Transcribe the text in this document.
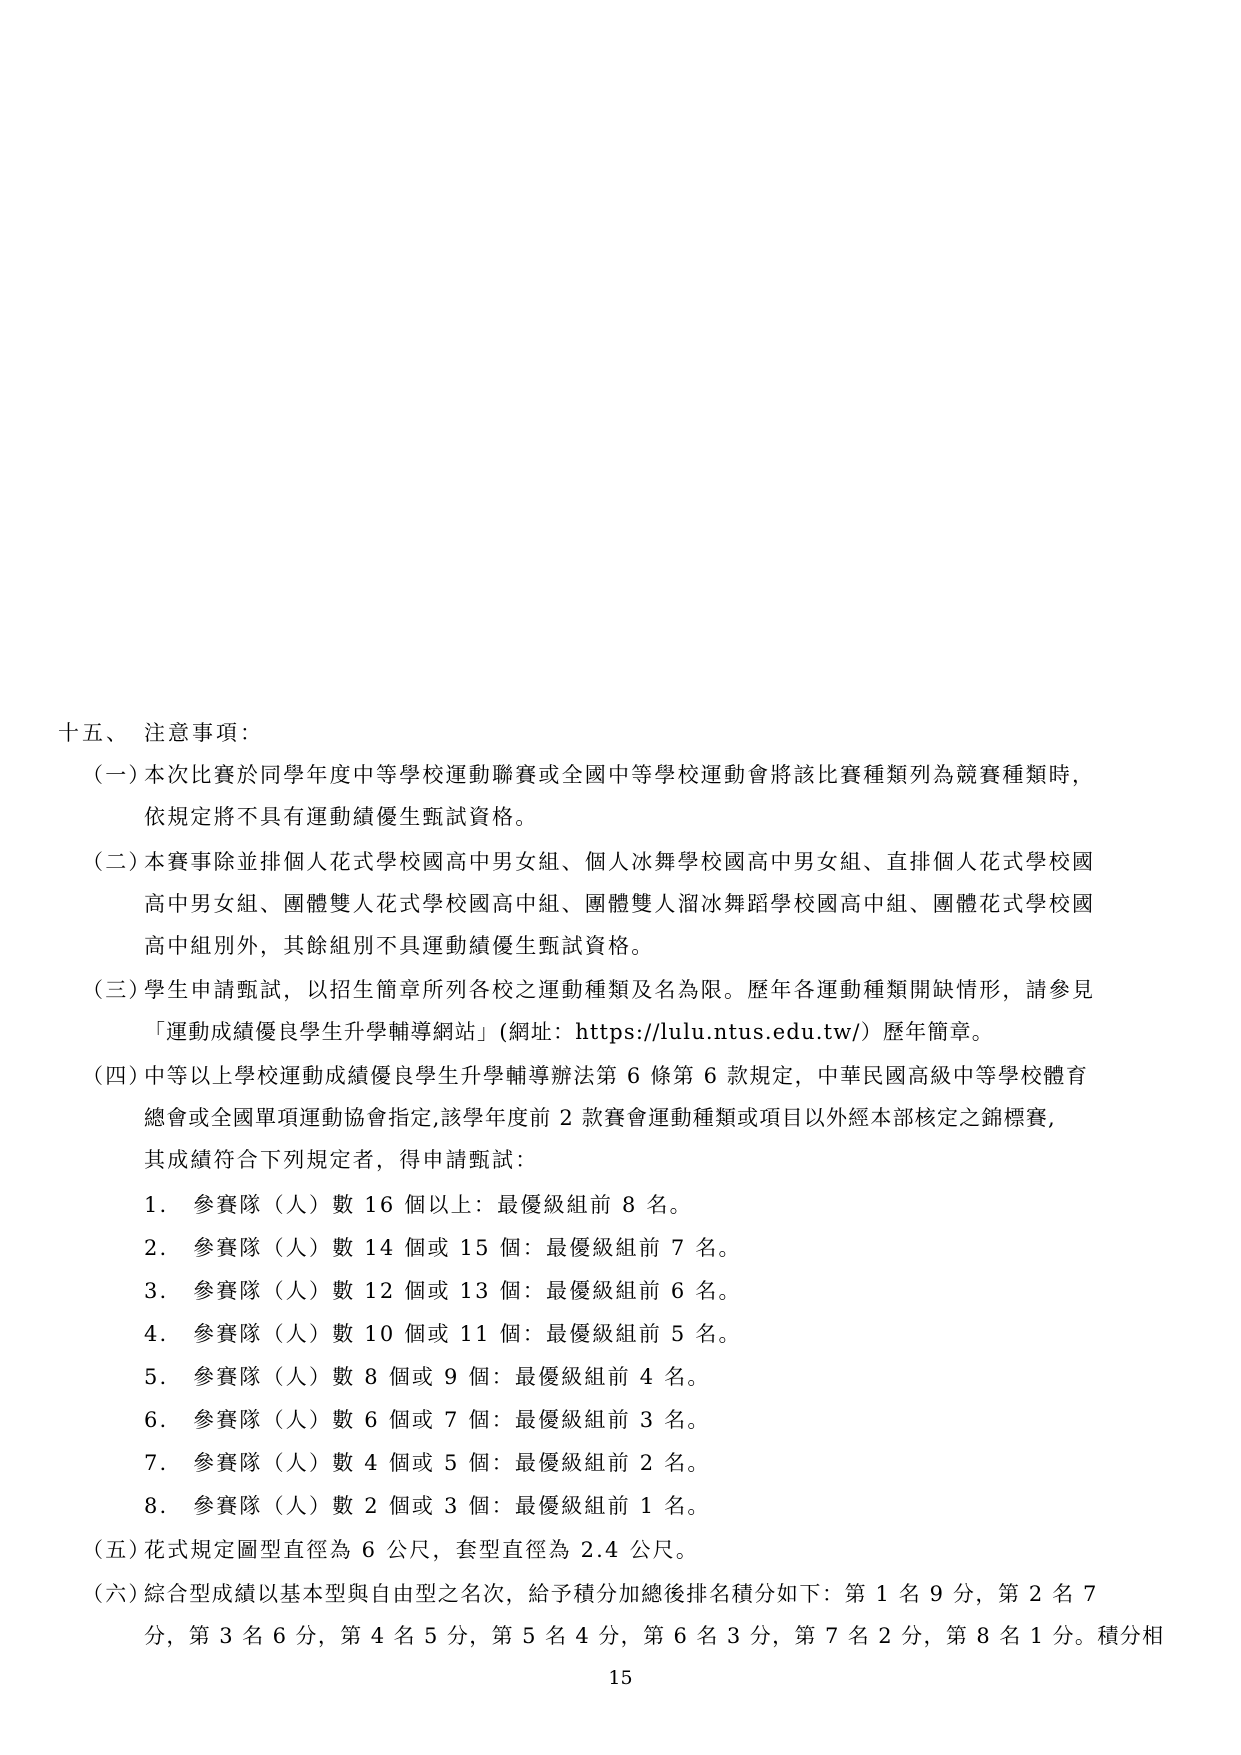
十五、 注意事項：
（一）
本次比賽於同學年度中等學校運動聯賽或全國中等學校運動會將該比賽種類列為競賽種類時，
依規定將不具有運動績優生甄試資格。
（二）
本賽事除並排個人花式學校國高中男女組、個人冰舞學校國高中男女組、直排個人花式學校國
高中男女組、團體雙人花式學校國高中組、團體雙人溜冰舞蹈學校國高中組、團體花式學校國
高中組別外，其餘組別不具運動績優生甄試資格。
（三）
學生申請甄試，以招生簡章所列各校之運動種類及名為限。歷年各運動種類開缺情形，請參見
「運動成績優良學生升學輔導網站」(網址：https://lulu.ntus.edu.tw/）歷年簡章。
（四）
中等以上學校運動成績優良學生升學輔導辦法第 6 條第 6 款規定，中華民國高級中等學校體育
總會或全國單項運動協會指定,該學年度前 2 款賽會運動種類或項目以外經本部核定之錦標賽,
其成績符合下列規定者，得申請甄試：
1. 參賽隊（人）數 16 個以上：最優級組前 8 名。
2. 參賽隊（人）數 14 個或 15 個：最優級組前 7 名。
3. 參賽隊（人）數 12 個或 13 個：最優級組前 6 名。
4. 參賽隊（人）數 10 個或 11 個：最優級組前 5 名。
5. 參賽隊（人）數 8 個或 9 個：最優級組前 4 名。
6. 參賽隊（人）數 6 個或 7 個：最優級組前 3 名。
7. 參賽隊（人）數 4 個或 5 個：最優級組前 2 名。
8. 參賽隊（人）數 2 個或 3 個：最優級組前 1 名。
（五）
花式規定圖型直徑為 6 公尺，套型直徑為 2.4 公尺。
（六）
綜合型成績以基本型與自由型之名次，給予積分加總後排名積分如下：第 1 名 9 分，第 2 名 7
分，第 3 名 6 分，第 4 名 5 分，第 5 名 4 分，第 6 名 3 分，第 7 名 2 分，第 8 名 1 分。積分相
15
